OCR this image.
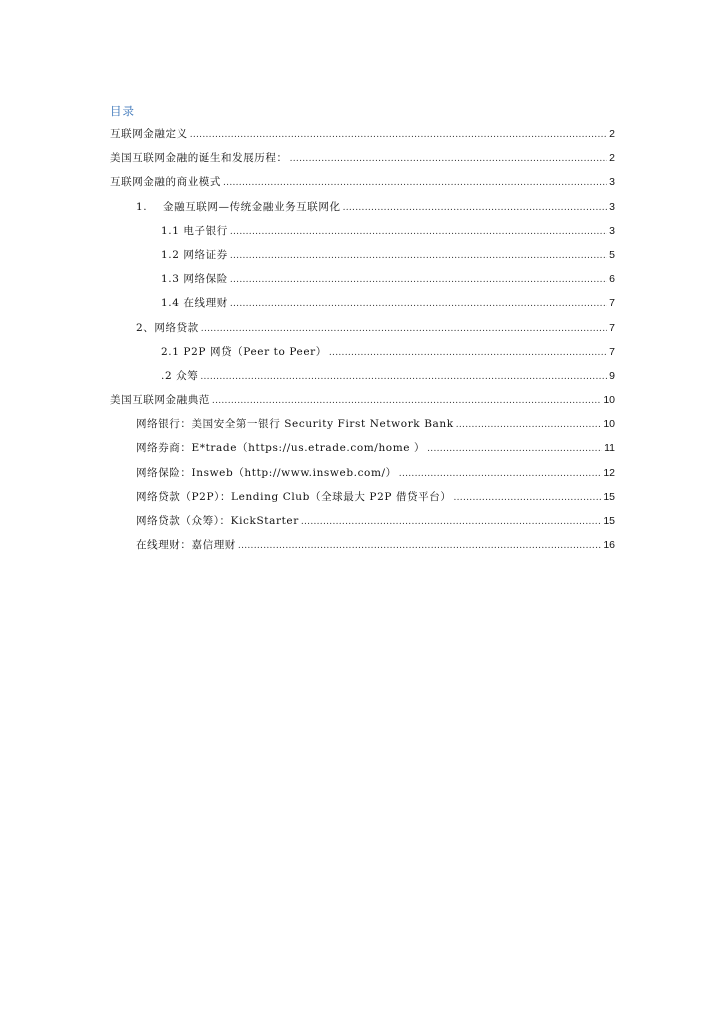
目录
互联网金融定义 .....	2
美国互联网金融的诞生和发展历程： .....	2
互联网金融的商业模式 .....	3
1.    金融互联网—传统金融业务互联网化 .....	3
1.1 电子银行 .....	3
1.2 网络证券 .....	5
1.3 网络保险 .....	6
1.4 在线理财 .....	7
2、网络贷款 .....	7
2.1 P2P 网贷（Peer to Peer） .....	7
.2 众筹 .....	9
美国互联网金融典范 .....	10
网络银行：美国安全第一银行 Security First Network Bank .....	10
网络券商：E*trade（https://us.etrade.com/home ） .....	11
网络保险：Insweb（http://www.insweb.com/） .....	12
网络贷款（P2P）：Lending Club（全球最大 P2P 借贷平台） .....	15
网络贷款（众筹）：KickStarter .....	15
在线理财：嘉信理财 .....	16
